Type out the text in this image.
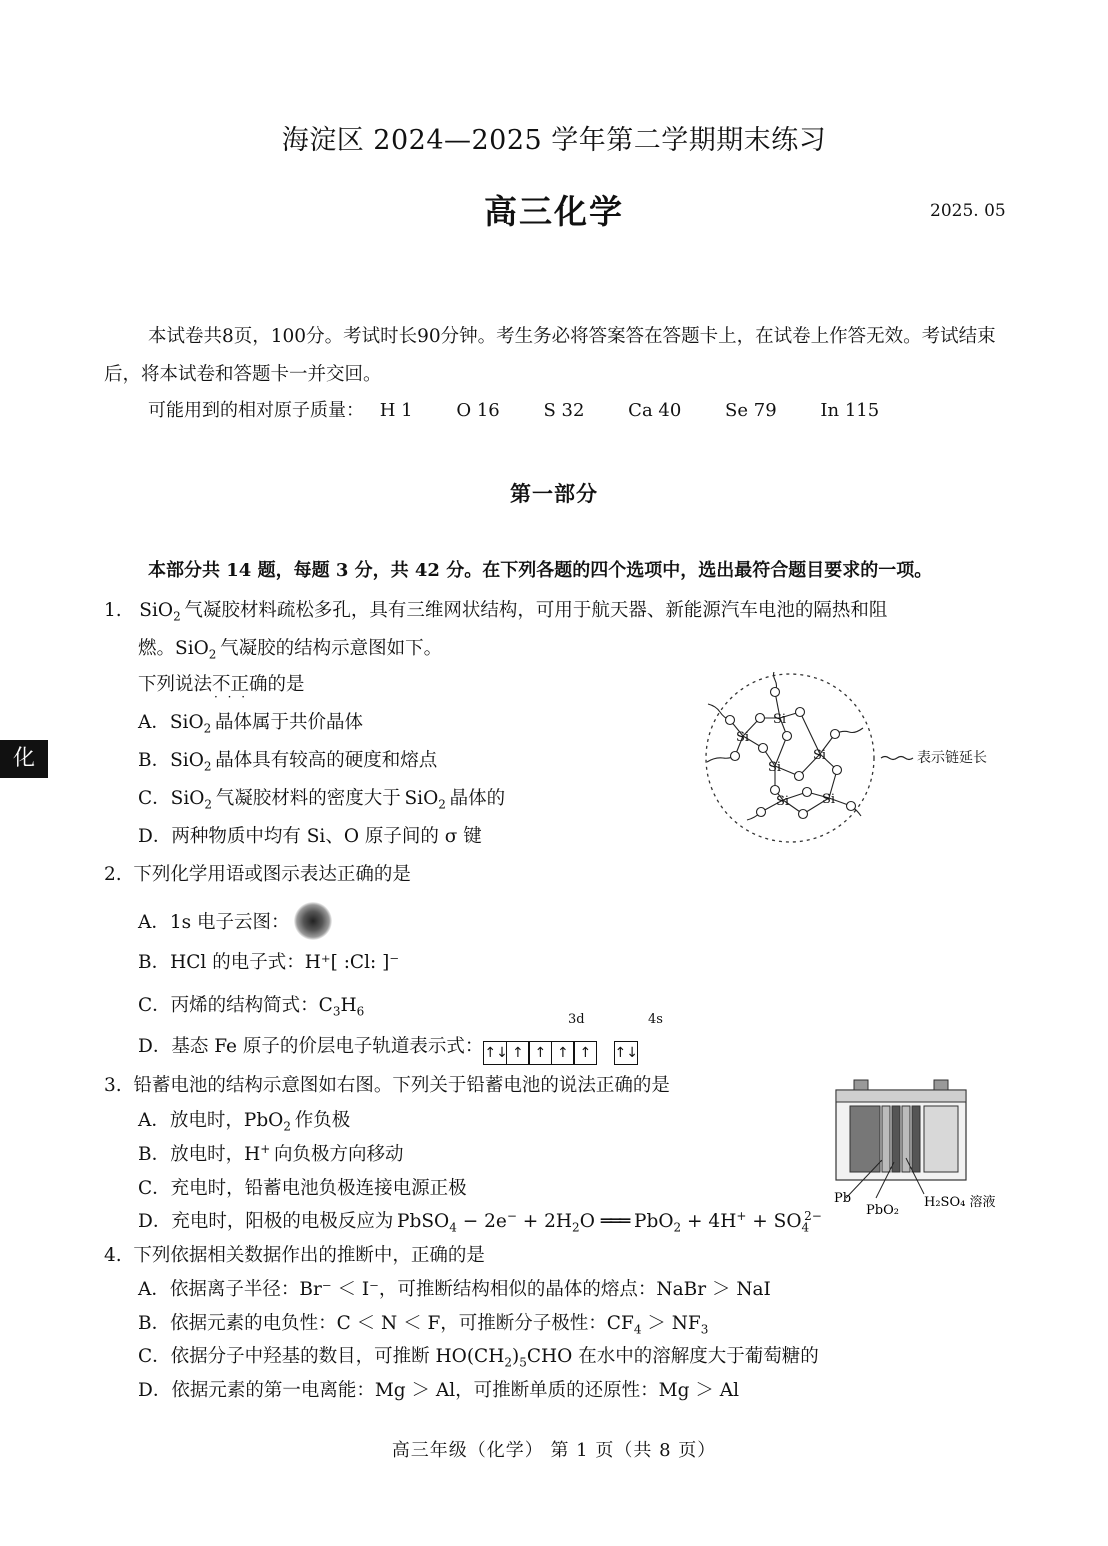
海淀区 2024—2025 学年第二学期期末练习
高三化学	2025. 05
本试卷共8页，100分。考试时长90分钟。考生务必将答案答在答题卡上，在试卷上作答无效。考试结束后，将本试卷和答题卡一并交回。
可能用到的相对原子质量： H 1 O 16 S 32 Ca 40 Se 79 In 115
第一部分
本部分共 14 题，每题 3 分，共 42 分。在下列各题的四个选项中，选出最符合题目要求的一项。
1.   SiO$_2$  气凝胶材料疏松多孔，具有三维网状结构，可用于航天器、新能源汽车电池的隔热和阻
燃。SiO$_2$  气凝胶的结构示意图如下。
下列说法不正确 · · ·的是
A．SiO$_2$  晶体属于共价晶体
B．SiO$_2$  晶体具有较高的硬度和熔点
C．SiO$_2$  气凝胶材料的密度大于 SiO$_2$  晶体的
D．两种物质中均有 Si、O 原子间的 σ 键
Si
Si
Si
Si
Si	Si
表示链延长
化
2. 下列化学用语或图示表达正确的是
A．1s 电子云图：
B．HCl 的电子式：H⁺[ :Cl: ]⁻
C．丙烯的结构简式：$C_3H_6$
3d	4s
D．基态 Fe 原子的价层电子轨道表示式：↑↓ ↑ ↑ ↑ ↑ ↑↓
3. 铅蓄电池的结构示意图如右图。下列关于铅蓄电池的说法正确的是
A．放电时，PbO$_2$  作负极
B．放电时，H+  向负极方向移动
C．充电时，铅蓄电池负极连接电源正极
D．充电时，阳极的电极反应为 PbSO$_4$ − $2e^- + 2H_2O$ ═══ $PbO_2 + 4H^+ + SO_4^{2-}$
Pb
PbO₂
H₂SO₄ 溶液
4. 下列依据相关数据作出的推断中，正确的是
A．依据离子半径：Br⁻ ＜ I⁻，可推断结构相似的晶体的熔点：NaBr ＞ NaI
B．依据元素的电负性：C ＜ N ＜ F，可推断分子极性：$CF_4 > NF_3$
C．依据分子中羟基的数目，可推断 $HO(CH_2)_5CHO$ 在水中的溶解度大于葡萄糖的
D．依据元素的第一电离能：Mg ＞ Al，可推断单质的还原性：Mg ＞ Al
高三年级（化学） 第 1 页（共 8 页）
